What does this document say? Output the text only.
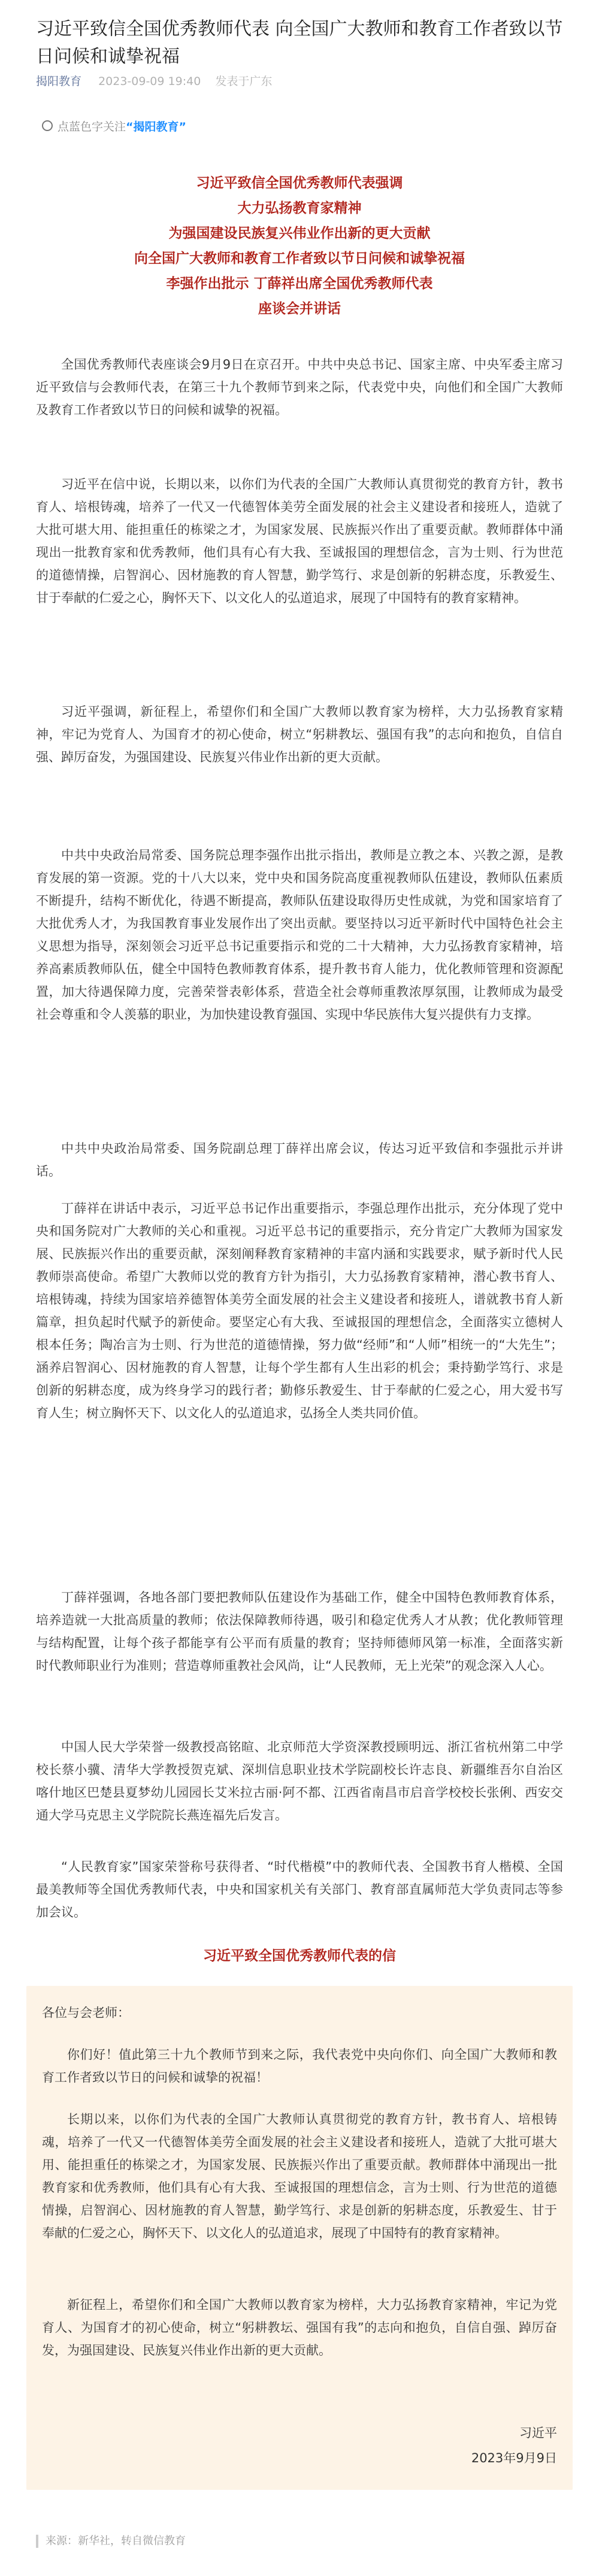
习近平致信全国优秀教师代表 向全国广大教师和教育工作者致以节日问候和诚挚祝福
揭阳教育 2023-09-09 19:40 发表于广东
点蓝色字关注“揭阳教育”
习近平致信全国优秀教师代表强调
大力弘扬教育家精神
为强国建设民族复兴伟业作出新的更大贡献
向全国广大教师和教育工作者致以节日问候和诚挚祝福
李强作出批示 丁薛祥出席全国优秀教师代表
座谈会并讲话

全国优秀教师代表座谈会9月9日在京召开。中共中央总书记、国家主席、中央军委主席习近平致信与会教师代表，在第三十九个教师节到来之际，代表党中央，向他们和全国广大教师及教育工作者致以节日的问候和诚挚的祝福。

习近平在信中说，长期以来，以你们为代表的全国广大教师认真贯彻党的教育方针，教书育人、培根铸魂，培养了一代又一代德智体美劳全面发展的社会主义建设者和接班人，造就了大批可堪大用、能担重任的栋梁之才，为国家发展、民族振兴作出了重要贡献。教师群体中涌现出一批教育家和优秀教师，他们具有心有大我、至诚报国的理想信念，言为士则、行为世范的道德情操，启智润心、因材施教的育人智慧，勤学笃行、求是创新的躬耕态度，乐教爱生、甘于奉献的仁爱之心，胸怀天下、以文化人的弘道追求，展现了中国特有的教育家精神。

习近平强调，新征程上，希望你们和全国广大教师以教育家为榜样，大力弘扬教育家精神，牢记为党育人、为国育才的初心使命，树立“躬耕教坛、强国有我”的志向和抱负，自信自强、踔厉奋发，为强国建设、民族复兴伟业作出新的更大贡献。

中共中央政治局常委、国务院总理李强作出批示指出，教师是立教之本、兴教之源，是教育发展的第一资源。党的十八大以来，党中央和国务院高度重视教师队伍建设，教师队伍素质不断提升，结构不断优化，待遇不断提高，教师队伍建设取得历史性成就，为党和国家培育了大批优秀人才，为我国教育事业发展作出了突出贡献。要坚持以习近平新时代中国特色社会主义思想为指导，深刻领会习近平总书记重要指示和党的二十大精神，大力弘扬教育家精神，培养高素质教师队伍，健全中国特色教师教育体系，提升教书育人能力，优化教师管理和资源配置，加大待遇保障力度，完善荣誉表彰体系，营造全社会尊师重教浓厚氛围，让教师成为最受社会尊重和令人羡慕的职业，为加快建设教育强国、实现中华民族伟大复兴提供有力支撑。

中共中央政治局常委、国务院副总理丁薛祥出席会议，传达习近平致信和李强批示并讲话。

丁薛祥在讲话中表示，习近平总书记作出重要指示，李强总理作出批示，充分体现了党中央和国务院对广大教师的关心和重视。习近平总书记的重要指示，充分肯定广大教师为国家发展、民族振兴作出的重要贡献，深刻阐释教育家精神的丰富内涵和实践要求，赋予新时代人民教师崇高使命。希望广大教师以党的教育方针为指引，大力弘扬教育家精神，潜心教书育人、培根铸魂，持续为国家培养德智体美劳全面发展的社会主义建设者和接班人，谱就教书育人新篇章，担负起时代赋予的新使命。要坚定心有大我、至诚报国的理想信念，全面落实立德树人根本任务；陶冶言为士则、行为世范的道德情操，努力做“经师”和“人师”相统一的“大先生”；涵养启智润心、因材施教的育人智慧，让每个学生都有人生出彩的机会；秉持勤学笃行、求是创新的躬耕态度，成为终身学习的践行者；勤修乐教爱生、甘于奉献的仁爱之心，用大爱书写育人生；树立胸怀天下、以文化人的弘道追求，弘扬全人类共同价值。

丁薛祥强调，各地各部门要把教师队伍建设作为基础工作，健全中国特色教师教育体系，培养造就一大批高质量的教师；依法保障教师待遇，吸引和稳定优秀人才从教；优化教师管理与结构配置，让每个孩子都能享有公平而有质量的教育；坚持师德师风第一标准，全面落实新时代教师职业行为准则；营造尊师重教社会风尚，让“人民教师，无上光荣”的观念深入人心。

中国人民大学荣誉一级教授高铭暄、北京师范大学资深教授顾明远、浙江省杭州第二中学校长蔡小骥、清华大学教授贺克斌、深圳信息职业技术学院副校长许志良、新疆维吾尔自治区喀什地区巴楚县夏梦幼儿园园长艾米拉古丽·阿不都、江西省南昌市启音学校校长张俐、西安交通大学马克思主义学院院长燕连福先后发言。

“人民教育家”国家荣誉称号获得者、“时代楷模”中的教师代表、全国教书育人楷模、全国最美教师等全国优秀教师代表，中央和国家机关有关部门、教育部直属师范大学负责同志等参加会议。

习近平致全国优秀教师代表的信

各位与会老师：

你们好！值此第三十九个教师节到来之际，我代表党中央向你们、向全国广大教师和教育工作者致以节日的问候和诚挚的祝福！

长期以来，以你们为代表的全国广大教师认真贯彻党的教育方针，教书育人、培根铸魂，培养了一代又一代德智体美劳全面发展的社会主义建设者和接班人，造就了大批可堪大用、能担重任的栋梁之才，为国家发展、民族振兴作出了重要贡献。教师群体中涌现出一批教育家和优秀教师，他们具有心有大我、至诚报国的理想信念，言为士则、行为世范的道德情操，启智润心、因材施教的育人智慧，勤学笃行、求是创新的躬耕态度，乐教爱生、甘于奉献的仁爱之心，胸怀天下、以文化人的弘道追求，展现了中国特有的教育家精神。

新征程上，希望你们和全国广大教师以教育家为榜样，大力弘扬教育家精神，牢记为党育人、为国育才的初心使命，树立“躬耕教坛、强国有我”的志向和抱负，自信自强、踔厉奋发，为强国建设、民族复兴伟业作出新的更大贡献。

习近平
2023年9月9日
来源：新华社，转自微信教育
